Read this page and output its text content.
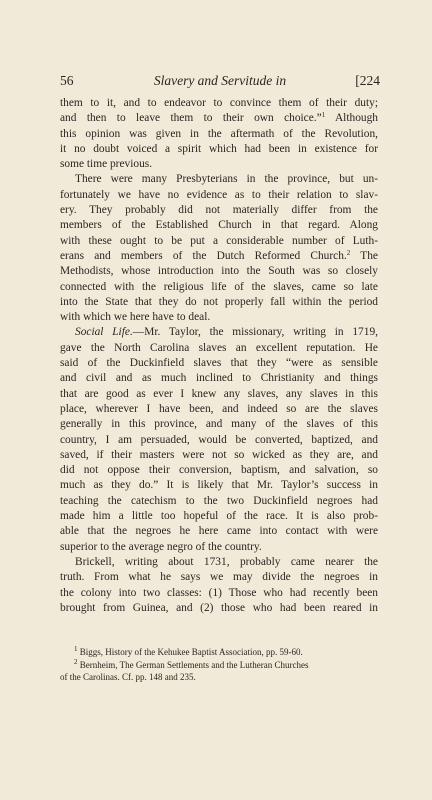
56	Slavery and Servitude in	[224
them to it, and to endeavor to convince them of their duty;
and then to leave them to their own choice.”$^1$ Although
this opinion was given in the aftermath of the Revolution,
it no doubt voiced a spirit which had been in existence for
some time previous.
There were many Presbyterians in the province, but un-
fortunately we have no evidence as to their relation to slav-
ery. They probably did not materially differ from the
members of the Established Church in that regard. Along
with these ought to be put a considerable number of Luth-
erans and members of the Dutch Reformed Church.$^2$ The
Methodists, whose introduction into the South was so closely
connected with the religious life of the slaves, came so late
into the State that they do not properly fall within the period
with which we here have to deal.
Social Life.—Mr. Taylor, the missionary, writing in 1719,
gave the North Carolina slaves an excellent reputation. He
said of the Duckinfield slaves that they “were as sensible
and civil and as much inclined to Christianity and things
that are good as ever I knew any slaves, any slaves in this
place, wherever I have been, and indeed so are the slaves
generally in this province, and many of the slaves of this
country, I am persuaded, would be converted, baptized, and
saved, if their masters were not so wicked as they are, and
did not oppose their conversion, baptism, and salvation, so
much as they do.” It is likely that Mr. Taylor’s success in
teaching the catechism to the two Duckinfield negroes had
made him a little too hopeful of the race. It is also prob-
able that the negroes he here came into contact with were
superior to the average negro of the country.
Brickell, writing about 1731, probably came nearer the
truth. From what he says we may divide the negroes in
the colony into two classes: (1) Those who had recently been
brought from Guinea, and (2) those who had been reared in
$^1$ Biggs, History of the Kehukee Baptist Association, pp. 59-60.
$^2$ Bernheim, The German Settlements and the Lutheran Churches
of the Carolinas. Cf. pp. 148 and 235.
